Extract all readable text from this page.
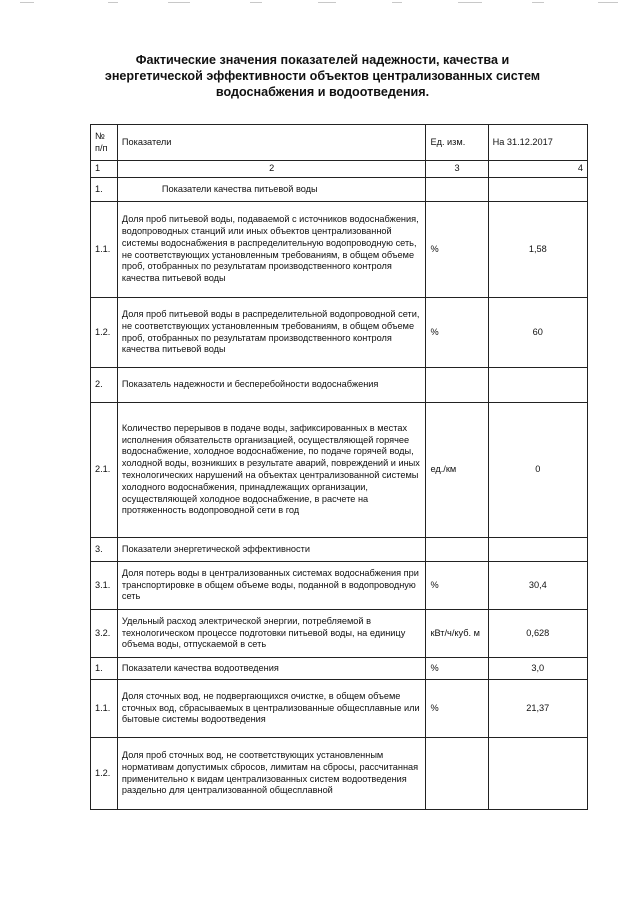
Фактические значения показателей надежности, качества и энергетической эффективности объектов централизованных систем водоснабжения и водоотведения.
№ п/п	Показатели	Ед. изм.	На 31.12.2017
1	2	3	4
1.	Показатели качества питьевой воды		
1.1.	Доля проб питьевой воды, подаваемой с источников водоснабжения, водопроводных станций или иных объектов централизованной системы водоснабжения в распределительную водопроводную сеть, не соответствующих установленным требованиям, в общем объеме проб, отобранных по результатам производственного контроля качества питьевой воды	%	1,58
1.2.	Доля проб питьевой воды в распределительной водопроводной сети, не соответствующих установленным требованиям, в общем объеме проб, отобранных по результатам производственного контроля качества питьевой воды	%	60
2.	Показатель надежности и бесперебойности водоснабжения		
2.1.	Количество перерывов в подаче воды, зафиксированных в местах исполнения обязательств организацией, осуществляющей горячее водоснабжение, холодное водоснабжение, по подаче горячей воды, холодной воды, возникших в результате аварий, повреждений и иных технологических нарушений на объектах централизованной системы холодного водоснабжения, принадлежащих организации, осуществляющей холодное водоснабжение, в расчете на протяженность водопроводной сети в год	ед./км	0
3.	Показатели энергетической эффективности		
3.1.	Доля потерь воды в централизованных системах водоснабжения при транспортировке в общем объеме воды, поданной в водопроводную сеть	%	30,4
3.2.	Удельный расход электрической энергии, потребляемой в технологическом процессе подготовки питьевой воды, на единицу объема воды, отпускаемой в сеть	кВт/ч/куб. м	0,628
1.	Показатели качества водоотведения	%	3,0
1.1.	Доля сточных вод, не подвергающихся очистке, в общем объеме сточных вод, сбрасываемых в централизованные общесплавные или бытовые системы водоотведения	%	21,37
1.2.	Доля проб сточных вод, не соответствующих установленным нормативам допустимых сбросов, лимитам на сбросы, рассчитанная применительно к видам централизованных систем водоотведения раздельно для централизованной общесплавной		
